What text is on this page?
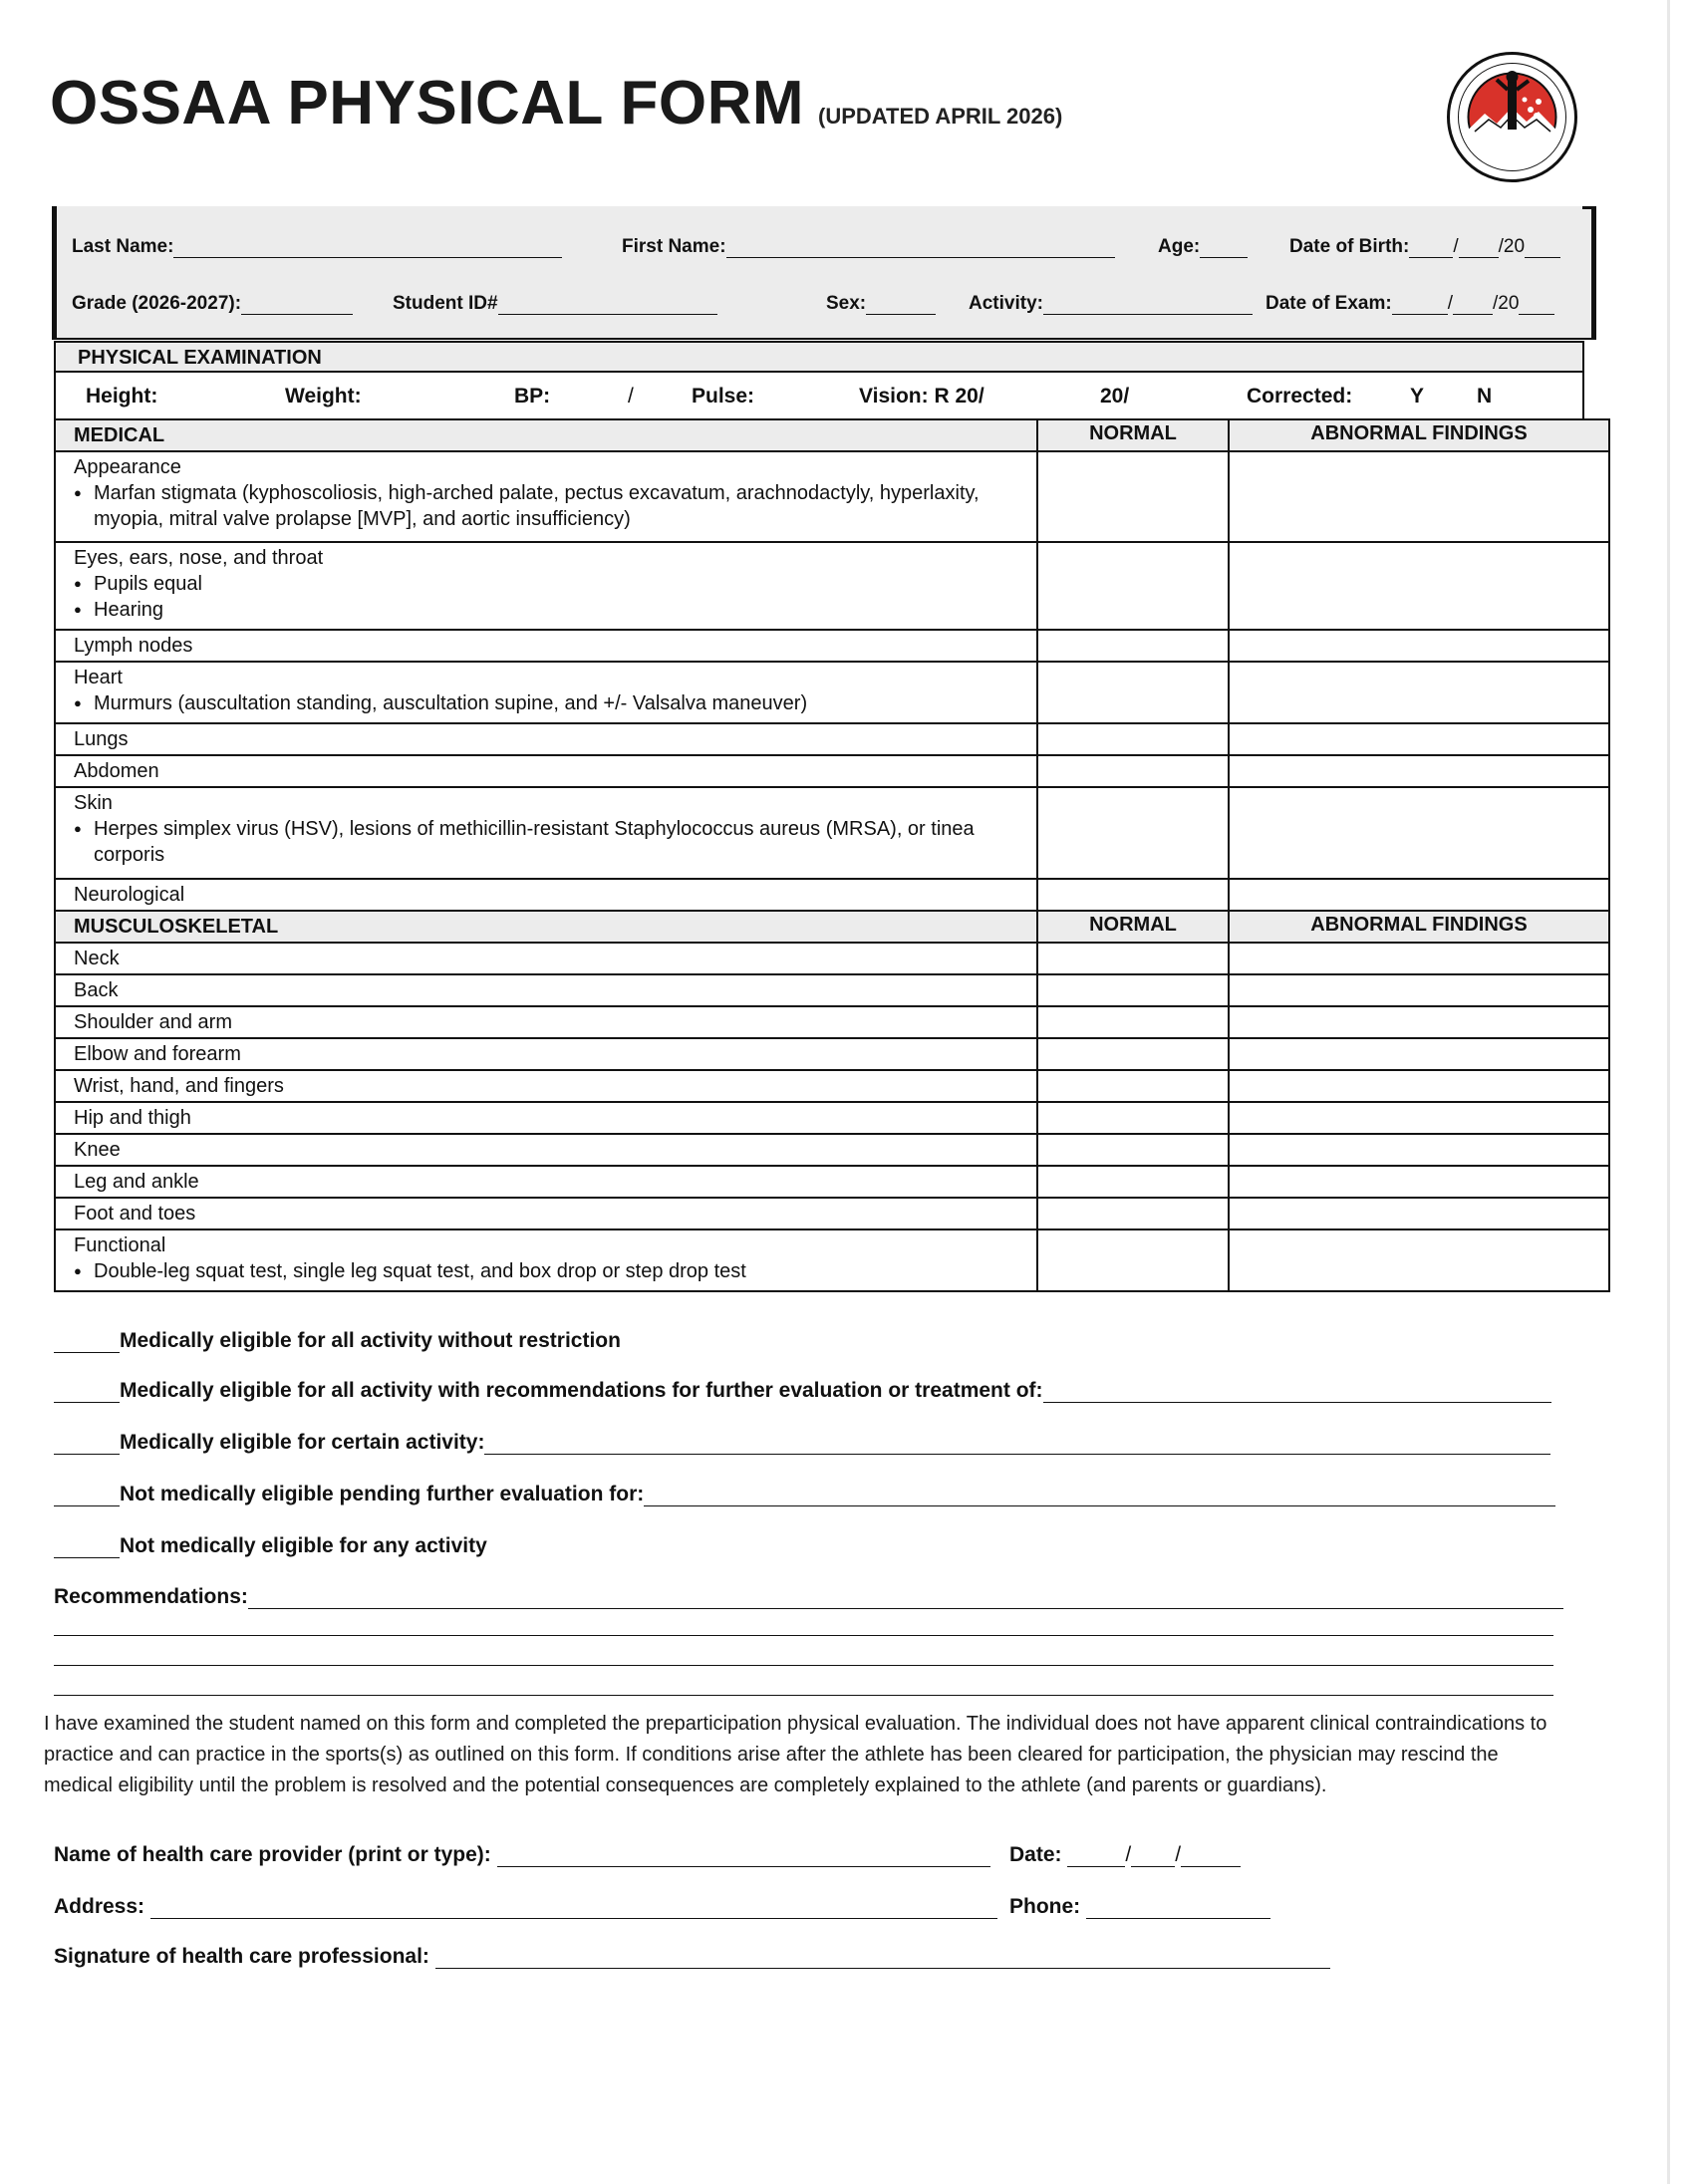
OSSAA PHYSICAL FORM (UPDATED APRIL 2026)
Last Name:	First Name:	Age:	Date of Birth: / /20
Grade (2026-2027):	Student ID#	Sex:	Activity:	Date of Exam:	/ /20
PHYSICAL EXAMINATION
Height:	Weight:	BP:	/	Pulse:	Vision: R 20/	20/	Corrected:	Y	N
MEDICAL	NORMAL	ABNORMAL FINDINGS
Appearance
● Marfan stigmata (kyphoscoliosis, high-arched palate, pectus excavatum, arachnodactyly, hyperlaxity, myopia, mitral valve prolapse [MVP], and aortic insufficiency)

Eyes, ears, nose, and throat
● Pupils equal
● Hearing

Lymph nodes		
Heart
● Murmurs (auscultation standing, auscultation supine, and +/- Valsalva maneuver)

Lungs		
Abdomen		
Skin
● Herpes simplex virus (HSV), lesions of methicillin-resistant Staphylococcus aureus (MRSA), or tinea corporis

Neurological		
MUSCULOSKELETAL	NORMAL	ABNORMAL FINDINGS
Neck		
Back		
Shoulder and arm		
Elbow and forearm		
Wrist, hand, and fingers		
Hip and thigh		
Knee		
Leg and ankle		
Foot and toes		
Functional
● Double-leg squat test, single leg squat test, and box drop or step drop test

Medically eligible for all activity without restriction
Medically eligible for all activity with recommendations for further evaluation or treatment of:
Medically eligible for certain activity:
Not medically eligible pending further evaluation for:
Not medically eligible for any activity
Recommendations:
I have examined the student named on this form and completed the preparticipation physical evaluation. The individual does not have apparent clinical contraindications to practice and can practice in the sports(s) as outlined on this form. If conditions arise after the athlete has been cleared for participation, the physician may rescind the medical eligibility until the problem is resolved and the potential consequences are completely explained to the athlete (and parents or guardians).
Name of health care provider (print or type):	Date:	/ /
Address:	Phone:
Signature of health care professional:
